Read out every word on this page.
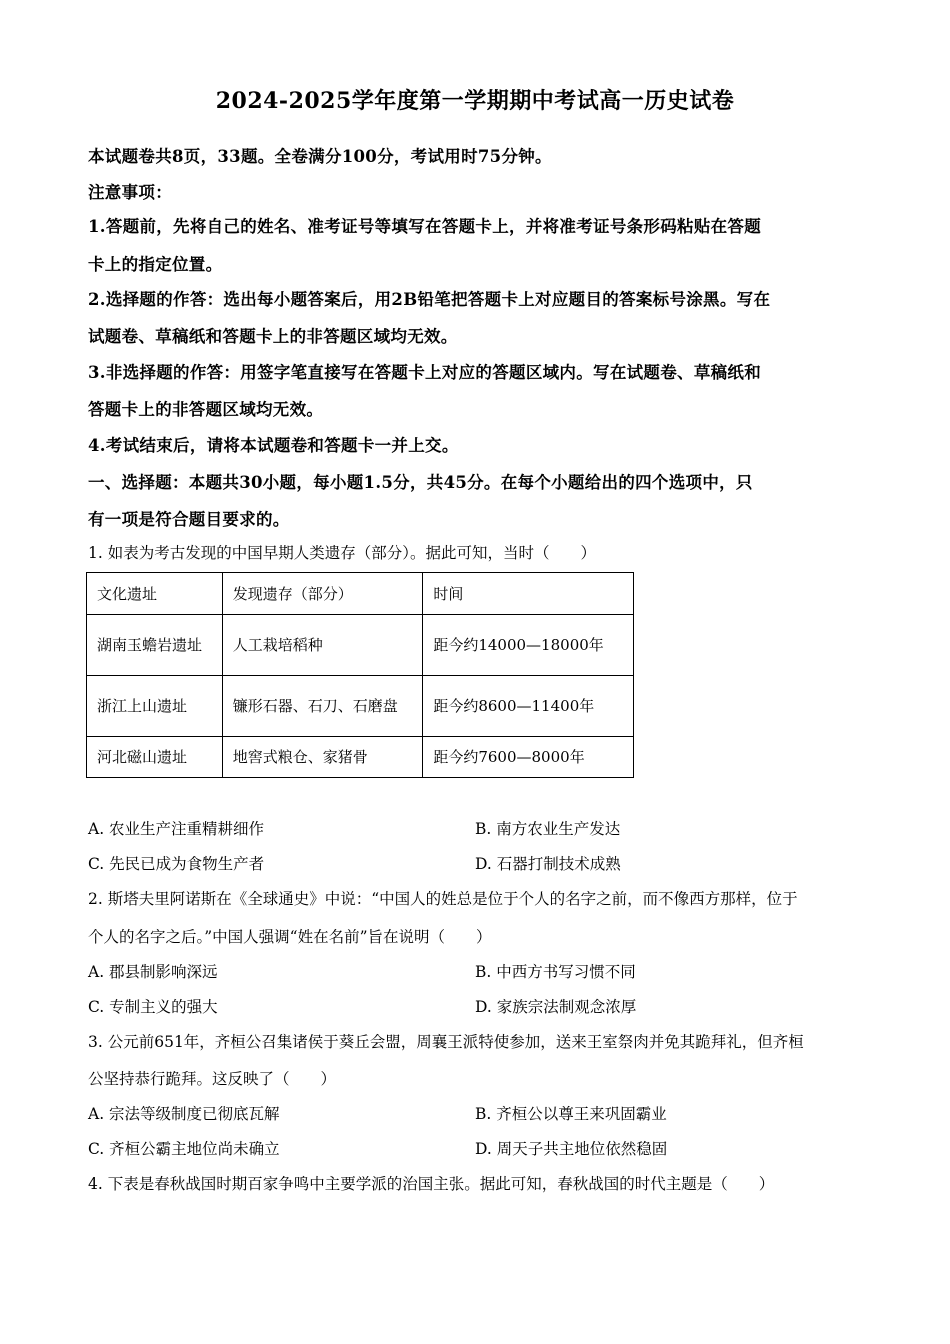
2024-2025学年度第一学期期中考试高一历史试卷
本试题卷共8页，33题。全卷满分100分，考试用时75分钟。
注意事项：
1.答题前，先将自己的姓名、准考证号等填写在答题卡上，并将准考证号条形码粘贴在答题
卡上的指定位置。
2.选择题的作答：选出每小题答案后，用2B铅笔把答题卡上对应题目的答案标号涂黑。写在
试题卷、草稿纸和答题卡上的非答题区域均无效。
3.非选择题的作答：用签字笔直接写在答题卡上对应的答题区域内。写在试题卷、草稿纸和
答题卡上的非答题区域均无效。
4.考试结束后，请将本试题卷和答题卡一并上交。
一、选择题：本题共30小题，每小题1.5分，共45分。在每个小题给出的四个选项中，只
有一项是符合题目要求的。
1. 如表为考古发现的中国早期人类遗存（部分）。据此可知，当时（　　）
文化遗址	发现遗存（部分）	时间
湖南玉蟾岩遗址	人工栽培稻种	距今约14000—18000年
浙江上山遗址	镰形石器、石刀、石磨盘	距今约8600—11400年
河北磁山遗址	地窖式粮仓、家猪骨	距今约7600—8000年
A. 农业生产注重精耕细作	B. 南方农业生产发达
C. 先民已成为食物生产者	D. 石器打制技术成熟
2. 斯塔夫里阿诺斯在《全球通史》中说：“中国人的姓总是位于个人的名字之前，而不像西方那样，位于
个人的名字之后。”中国人强调“姓在名前”旨在说明（　　）
A. 郡县制影响深远	B. 中西方书写习惯不同
C. 专制主义的强大	D. 家族宗法制观念浓厚
3. 公元前651年，齐桓公召集诸侯于葵丘会盟，周襄王派特使参加，送来王室祭肉并免其跪拜礼，但齐桓
公坚持恭行跪拜。这反映了（　　）
A. 宗法等级制度已彻底瓦解	B. 齐桓公以尊王来巩固霸业
C. 齐桓公霸主地位尚未确立	D. 周天子共主地位依然稳固
4. 下表是春秋战国时期百家争鸣中主要学派的治国主张。据此可知，春秋战国的时代主题是（　　）
